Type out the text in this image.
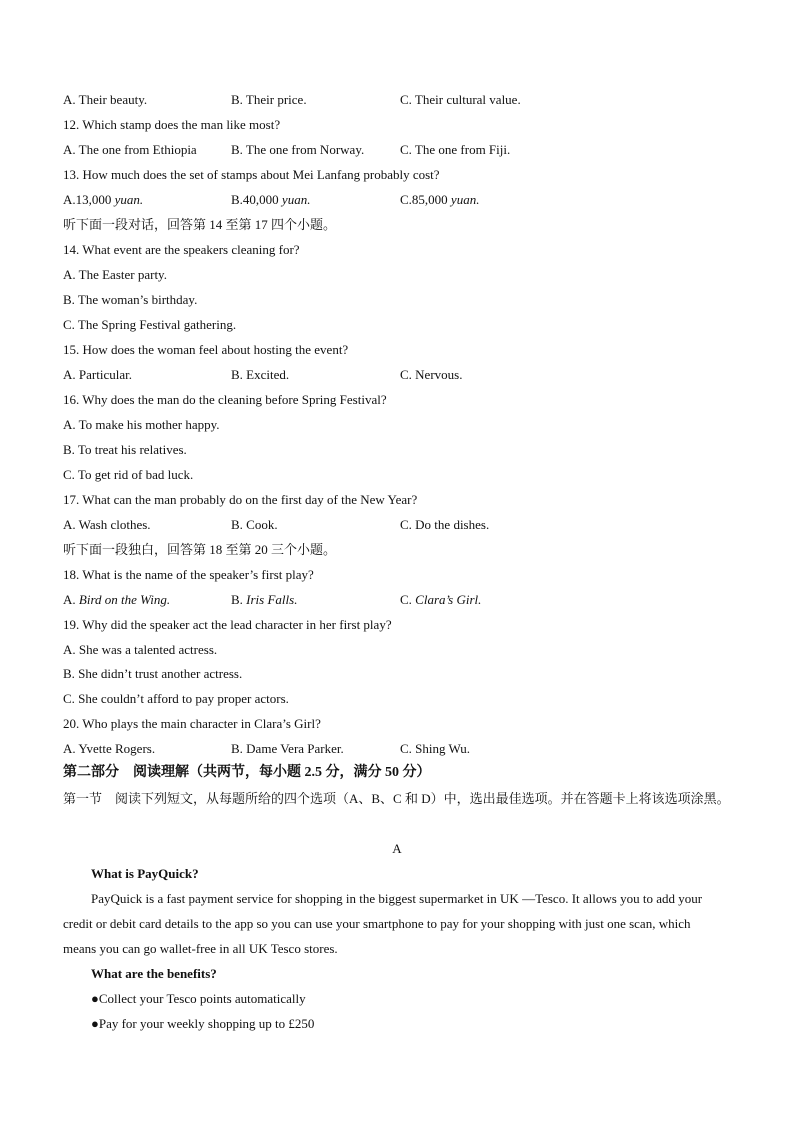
A. Their beauty.	B. Their price.	C. Their cultural value.
12. Which stamp does the man like most?
A. The one from Ethiopia	B. The one from Norway.	C. The one from Fiji.
13. How much does the set of stamps about Mei Lanfang probably cost?
A.13,000 yuan.	B.40,000 yuan.	C.85,000 yuan.
听下面一段对话，回答第 14 至第 17 四个小题。
14. What event are the speakers cleaning for?
A. The Easter party.
B. The woman’s birthday.
C. The Spring Festival gathering.
15. How does the woman feel about hosting the event?
A. Particular.	B. Excited.	C. Nervous.
16. Why does the man do the cleaning before Spring Festival?
A. To make his mother happy.
B. To treat his relatives.
C. To get rid of bad luck.
17. What can the man probably do on the first day of the New Year?
A. Wash clothes.	B. Cook.	C. Do the dishes.
听下面一段独白，回答第 18 至第 20 三个小题。
18. What is the name of the speaker’s first play?
A. Bird on the Wing.	B. Iris Falls.	C. Clara’s Girl.
19. Why did the speaker act the lead character in her first play?
A. She was a talented actress.
B. She didn’t trust another actress.
C. She couldn’t afford to pay proper actors.
20. Who plays the main character in Clara’s Girl?
A. Yvette Rogers.	B. Dame Vera Parker.	C. Shing Wu.
第二部分　阅读理解（共两节，每小题 2.5 分，满分 50 分）
第一节　阅读下列短文，从每题所给的四个选项（A、B、C 和 D）中，选出最佳选项。并在答题卡上将该选项涂黑。
A
What is PayQuick?
PayQuick is a fast payment service for shopping in the biggest supermarket in UK —Tesco. It allows you to add your credit or debit card details to the app so you can use your smartphone to pay for your shopping with just one scan, which means you can go wallet-free in all UK Tesco stores.
What are the benefits?
●Collect your Tesco points automatically
●Pay for your weekly shopping up to £250
